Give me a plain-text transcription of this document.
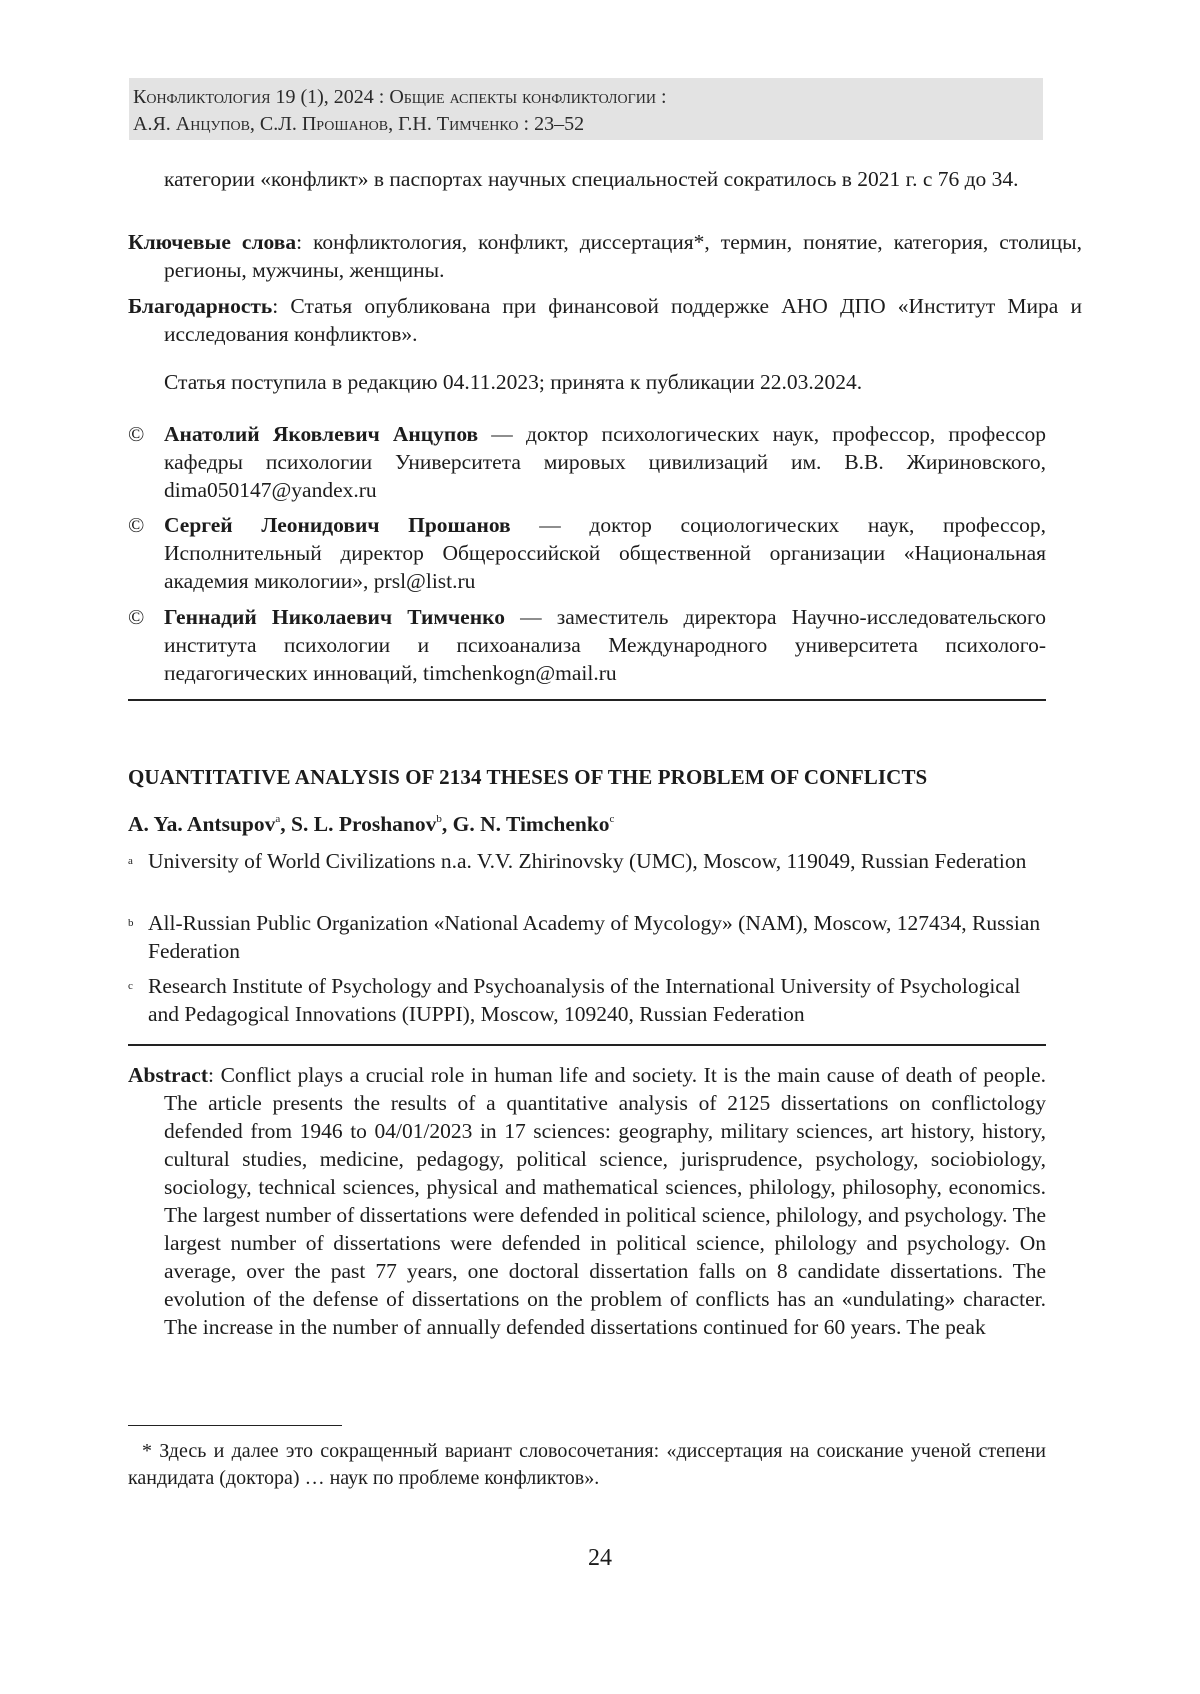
Конфликтология 19 (1), 2024 : Общие аспекты конфликтологии :
А.Я. Анцупов, С.Л. Прошанов, Г.Н. Тимченко : 23–52
категории «конфликт» в паспортах научных специальностей сократилось в 2021 г. с 76 до 34.
Ключевые слова: конфликтология, конфликт, диссертация*, термин, понятие, категория, столицы, регионы, мужчины, женщины.
Благодарность: Статья опубликована при финансовой поддержке АНО ДПО «Институт Мира и исследования конфликтов».
Статья поступила в редакцию 04.11.2023; принята к публикации 22.03.2024.
© Анатолий Яковлевич Анцупов — доктор психологических наук, профессор, профессор кафедры психологии Университета мировых цивилизаций им. В.В. Жириновского, dima050147@yandex.ru
© Сергей Леонидович Прошанов — доктор социологических наук, профессор, Исполнительный директор Общероссийской общественной организации «Национальная академия микологии», prsl@list.ru
© Геннадий Николаевич Тимченко — заместитель директора Научно-исследовательского института психологии и психоанализа Международного университета психолого-педагогических инноваций, timchenkogn@mail.ru
QUANTITATIVE ANALYSIS OF 2134 THESES OF THE PROBLEM OF CONFLICTS
A. Ya. Antsupov$^a$, S. L. Proshanov$^b$, G. N. Timchenko$^c$
a University of World Civilizations n.a. V.V. Zhirinovsky (UMC), Moscow, 119049, Russian Federation
b All-Russian Public Organization «National Academy of Mycology» (NAM), Moscow, 127434, Russian Federation
c Research Institute of Psychology and Psychoanalysis of the International University of Psychological and Pedagogical Innovations (IUPPI), Moscow, 109240, Russian Federation
Abstract: Conflict plays a crucial role in human life and society. It is the main cause of death of people. The article presents the results of a quantitative analysis of 2125 dissertations on conflictology defended from 1946 to 04/01/2023 in 17 sciences: geography, military sciences, art history, history, cultural studies, medicine, pedagogy, political science, jurisprudence, psychology, sociobiology, sociology, technical sciences, physical and mathematical sciences, philology, philosophy, economics. The largest number of dissertations were defended in political science, philology, and psychology. The largest number of dissertations were defended in political science, philology and psychology. On average, over the past 77 years, one doctoral dissertation falls on 8 candidate dissertations. The evolution of the defense of dissertations on the problem of conflicts has an «undulating» character. The increase in the number of annually defended dissertations continued for 60 years. The peak
* Здесь и далее это сокращенный вариант словосочетания: «диссертация на соискание ученой степени кандидата (доктора) … наук по проблеме конфликтов».
24
